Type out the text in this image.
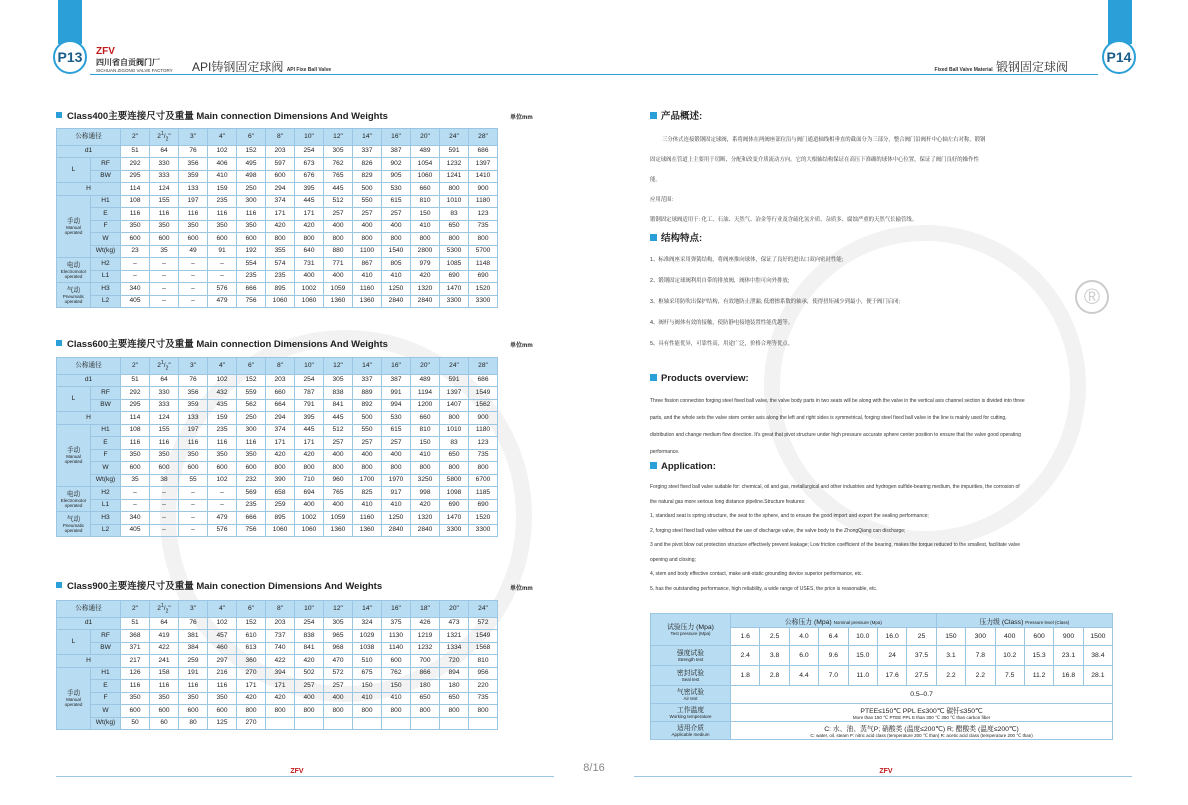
P13	ZFV
四川省自贡阀门厂
SICHUAN ZIGONG VALVE FACTORY	API铸钢固定球阀 API Fixe Ball Valve
Class400主要连接尺寸及重量 Main connection Dimensions And Weights	单位mm
公称通径		2"	$2^1/_2$"	3"	4"	6"	8"	10"	12"	14"	16"	20"	24"	28"
d1		51	64	76	102	152	203	254	305	337	387	489	591	686
L	RF	292	330	356	406	495	597	673	762	826	902	1054	1232	1397
	BW	295	333	359	410	498	600	676	765	829	905	1060	1241	1410
H		114	124	133	159	250	294	395	445	500	530	660	800	900
手动
Manual operated	H1	108	155	197	235	300	374	445	512	550	615	810	1010	1180
	E	116	116	116	116	116	171	171	257	257	257	150	83	123
	F	350	350	350	350	350	420	420	400	400	400	410	650	735
	W	600	600	600	600	600	800	800	800	800	800	800	800	800
	Wt(kg)	23	35	49	91	192	355	640	880	1100	1540	2800	5300	5700
电动
Electromotor operated	H2	–	–	–	–	554	574	731	771	867	805	979	1085	1148
	L1	–	–	–	–	235	235	400	400	410	410	420	690	690
气动
Pneumatic operated	H3	340	–	–	576	666	895	1002	1059	1160	1250	1320	1470	1520
	L2	405	–	–	479	756	1060	1060	1360	1360	2840	2840	3300	3300
Class600主要连接尺寸及重量 Main connection Dimensions And Weights	单位mm
公称通径		2"	$2^1/_2$"	3"	4"	6"	8"	10"	12"	14"	16"	20"	24"	28"
d1		51	64	76	102	152	203	254	305	337	387	489	591	686
L	RF	292	330	356	432	559	660	787	838	889	991	1194	1397	1549
	BW	295	333	359	435	562	664	791	841	892	994	1200	1407	1562
H		114	124	133	159	250	294	395	445	500	530	660	800	900
手动
Manual operated	H1	108	155	197	235	300	374	445	512	550	615	810	1010	1180
	E	116	116	116	116	116	171	171	257	257	257	150	83	123
	F	350	350	350	350	350	420	420	400	400	400	410	650	735
	W	600	600	600	600	600	800	800	800	800	800	800	800	800
	Wt(kg)	35	38	55	102	232	390	710	960	1700	1970	3250	5800	6700
电动
Electromotor operated	H2	–	–	–	–	569	658	694	765	825	917	998	1098	1185
	L1	–	–	–	–	235	259	400	400	410	410	420	690	690
气动
Pneumatic operated	H3	340	–	–	479	666	895	1002	1059	1160	1250	1320	1470	1520
	L2	405	–	–	576	756	1060	1060	1360	1360	2840	2840	3300	3300
Class900主要连接尺寸及重量 Main conection Dimensions And Weights	单位mm
公称通径		2"	$2^1/_2$"	3"	4"	6"	8"	10"	12"	14"	16"	18"	20"	24"
d1		51	64	76	102	152	203	254	305	324	375	426	473	572
L	RF	368	419	381	457	610	737	838	965	1029	1130	1219	1321	1549
	BW	371	422	384	460	613	740	841	968	1038	1140	1232	1334	1568
H		217	241	259	297	360	422	420	470	510	600	700	720	810
手动
Manual operated	H1	126	158	191	216	270	394	502	572	675	762	866	894	956
	E	116	116	116	116	171	171	257	257	150	150	180	180	220
	F	350	350	350	350	420	420	400	400	410	410	650	650	735
	W	600	600	600	600	800	800	800	800	800	800	800	800	800
	Wt(kg)	50	60	80	125	270								
ZFV	8/16
P14
Fixed Ball Valve Material 锻钢固定球阀
产品概述:
三分体式连接锻钢固定球阀，系将阀体在两阀座部位沿与阀门通道轴线相垂直的截面分为三部分，整合阀门沿阀杆中心轴左右对称，锻钢
固定球阀在管道上主要用于切断、分配和改变介质流动方向。它的大根轴结构保证在高压下准确的球体中心位置，保证了阀门良好的操作性
能。
应用范围:
锻钢固定球阀适用于: 化工、石油、天然气、冶金等行业及含硫化氢介质、杂质多、腐蚀严重的天然气长输管线。
结构特点:
1、标准阀座采用弹簧结构，将阀座推向球体，保证了良好的进出口双向密封性能;
2、锻钢固定球阀利用自带的排放阀，阀体中腔可向外排放;
3、枢轴采用防吹出保护结构，有效地防止泄漏; 低磨擦系数的轴承，使得扭矩减少到最小，便于阀门启闭;
4、阀杆与阀体有效的接触，使防静电接地装置性能优越等。
5、具有性能优异，可靠性高，用途广泛，价格合理等优点。
Products overview:
Three fission connection forging steel fixed ball valve, the valve body parts in two seats will be along with the valve in the vertical axis channel section is divided into three
parts, and the whole sets the valve stem center axis along the left and right sides is symmetrical, forging steel fixed ball valve in the line is mainly used for cutting,
distribution and change medium flow direction. It's great that pivot structure under high pressure accurate sphere center position to ensure that the valve good operating
performance.
Application:
Forging steel fixed ball valve suitable for: chemical, oil and gas, metallurgical and other industries and hydrogen sulfide-bearing medium, the impurities, the corrosion of
the natural gas more serious long distance pipeline.Structure features:
1, standard seat is spring structure, the seat to the sphere, and to ensure the good import and export the sealing performance;
2, forging steel fixed ball valve without the use of discharge valve, the valve body to the ZhongQiang can discharge;
3 and the pivot blow out protection structure effectively prevent leakage; Low friction coefficient of the bearing, makes the torque reduced to the smallest, facilitate valve
opening and closing;
4, stem and body effective contact, make anti-static grounding device superior performance, etc.
5, has the outstanding performance, high reliability, a wide range of USES, the price is reasonable, etc.
试验压力 (Mpa)
Test pressure (Mpa)	公称压力 (Mpa) Nominal pressure (Mpa)							压力级 (Class) Pressure level (Class)					
	1.6	2.5	4.0	6.4	10.0	16.0	25	150	300	400	600	900	1500
强度试验
Strength test	2.4	3.8	6.0	9.6	15.0	24	37.5	3.1	7.8	10.2	15.3	23.1	38.4
密封试验
Seal test	1.8	2.8	4.4	7.0	11.0	17.6	27.5	2.2	2.2	7.5	11.2	16.8	28.1
气密试验
Air test	0.5–0.7												
工作温度
Working temperature	PTEE≤150℃ PPL E≤300℃ 碳钎≤350℃
More than 150 ℃ PTEE PPL E than 300 ℃ 350 ℃ than carbon fiber												

适用介质
Applicable medium	C: 水、油、蒸气P; 硝酸类 (温度≤200℃) R; 醋酸类 (温度≤200℃)
C: water, oil, steam P: nitric acid class (temperature 200 ℃ than) R: acetic acid class (temperature 200 ℃ than)												
ZFV
®
